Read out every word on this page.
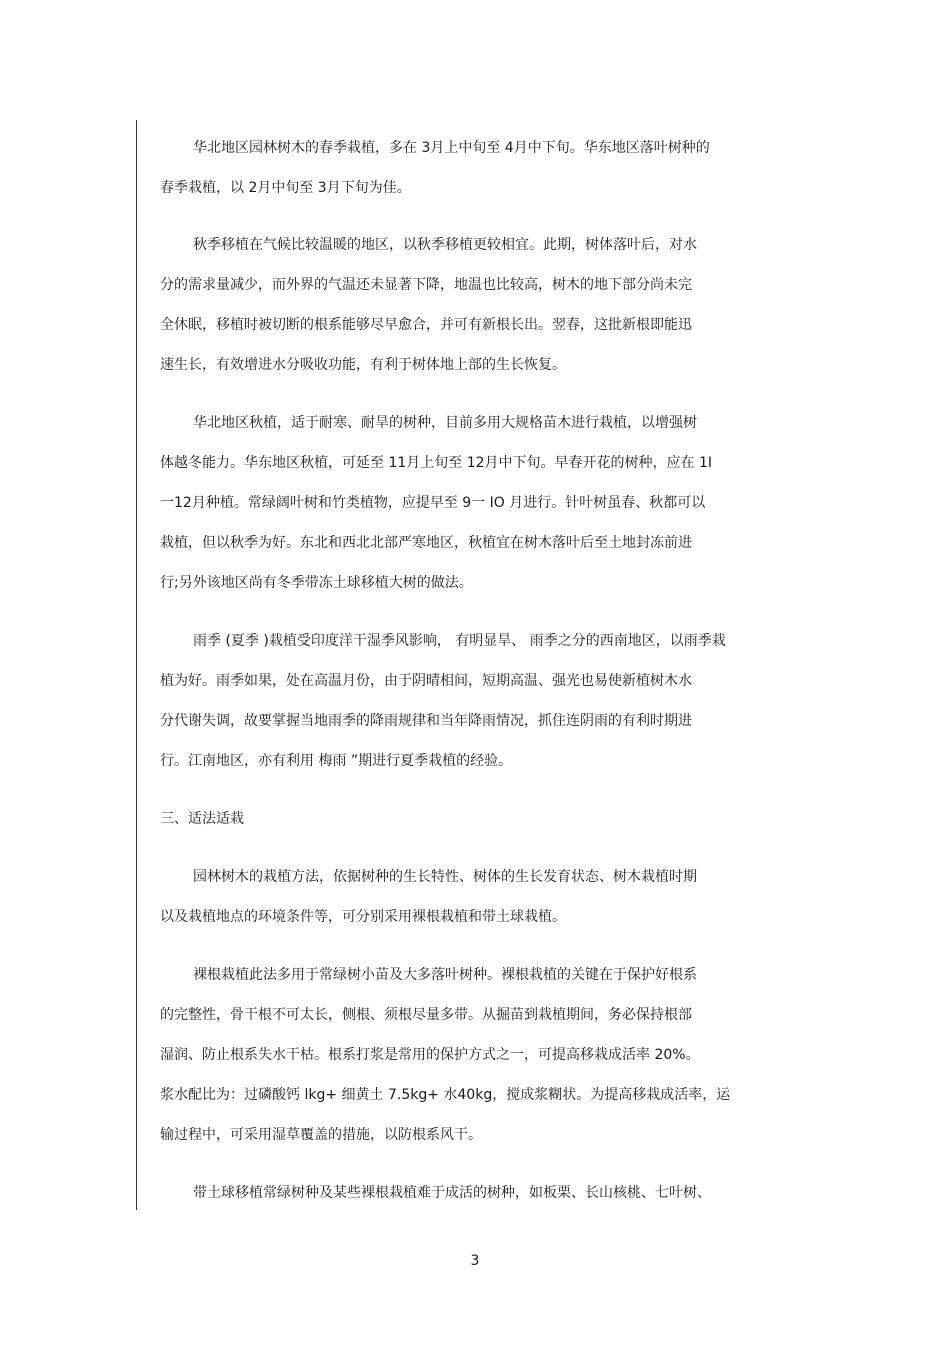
华北地区园林树木的春季栽植，多在 3月上中旬至 4月中下旬。华东地区落叶树种的
春季栽植，以 2月中旬至 3月下旬为佳。
秋季移植在气候比较温暖的地区，以秋季移植更较相宜。此期，树体落叶后，对水
分的需求量减少，而外界的气温还未显著下降，地温也比较高，树木的地下部分尚未完
全休眠，移植时被切断的根系能够尽早愈合，并可有新根长出。翌春，这批新根即能迅
速生长，有效增进水分吸收功能，有利于树体地上部的生长恢复。
华北地区秋植，适于耐寒、耐旱的树种，目前多用大规格苗木进行栽植，以增强树
体越冬能力。华东地区秋植，可延至 11月上旬至 12月中下旬。早春开花的树种，应在 1I
一12月种植。常绿阔叶树和竹类植物，应提早至 9一 IO 月进行。针叶树虽春、秋都可以
栽植，但以秋季为好。东北和西北北部严寒地区，秋植宜在树木落叶后至土地封冻前进
行;另外该地区尚有冬季带冻土球移植大树的做法。
雨季 (夏季 )栽植受印度洋干湿季风影响， 有明显旱、 雨季之分的西南地区，以雨季栽
植为好。雨季如果，处在高温月份，由于阴晴相间，短期高温、强光也易使新植树木水
分代谢失调，故要掌握当地雨季的降雨规律和当年降雨情况，抓住连阴雨的有利时期进
行。江南地区，亦有利用 梅雨 ”期进行夏季栽植的经验。
三、适法适栽
园林树木的栽植方法，依据树种的生长特性、树体的生长发育状态、树木栽植时期
以及栽植地点的环境条件等，可分别采用裸根栽植和带土球栽植。
裸根栽植此法多用于常绿树小苗及大多落叶树种。裸根栽植的关键在于保护好根系
的完整性，骨干根不可太长，侧根、须根尽量多带。从掘苗到栽植期间，务必保持根部
湿润、防止根系失水干枯。根系打浆是常用的保护方式之一，可提高移栽成活率 20%。
浆水配比为：过磷酸钙 lkg+ 细黄土 7.5kg+ 水40kg，搅成浆糊状。为提高移栽成活率，运
输过程中，可采用湿草覆盖的措施，以防根系风干。
带土球移植常绿树种及某些裸根栽植难于成活的树种，如板栗、长山核桃、七叶树、
3
